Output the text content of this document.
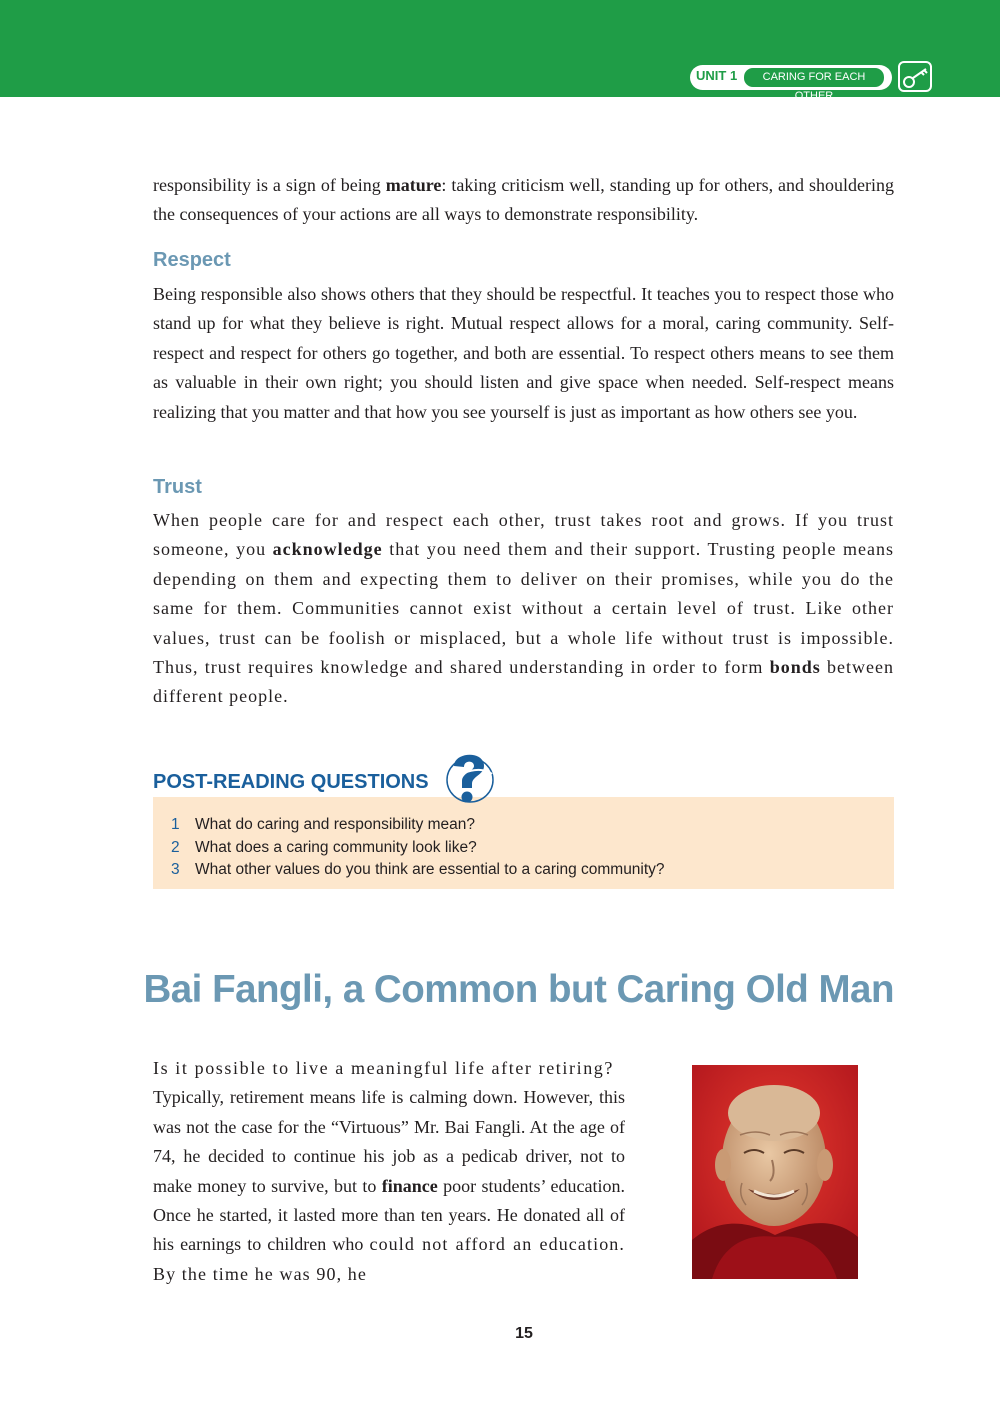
UNIT 1	CARING FOR EACH OTHER

responsibility is a sign of being mature: taking criticism well, standing up for others, and shouldering the consequences of your actions are all ways to demonstrate responsibility.

Respect

Being responsible also shows others that they should be respectful. It teaches you to respect those who stand up for what they believe is right. Mutual respect allows for a moral, caring community. Self-respect and respect for others go together, and both are essential. To respect others means to see them as valuable in their own right; you should listen and give space when needed. Self-respect means realizing that you matter and that how you see yourself is just as important as how others see you.

Trust

When people care for and respect each other, trust takes root and grows. If you trust someone, you acknowledge that you need them and their support. Trusting people means depending on them and expecting them to deliver on their promises, while you do the same for them. Communities cannot exist without a certain level of trust. Like other values, trust can be foolish or misplaced, but a whole life without trust is impossible. Thus, trust requires knowledge and shared understanding in order to form bonds between different people.

POST-READING QUESTIONS
1 What do caring and responsibility mean?
2 What does a caring community look like?
3 What other values do you think are essential to a caring community?
Bai Fangli, a Common but Caring Old Man
Is it possible to live a meaningful life after retiring?
Typically, retirement means life is calming down. However, this was not the case for the “Virtuous” Mr. Bai Fangli. At the age of 74, he decided to continue his job as a pedicab driver, not to make money to survive, but to finance poor students’ education. Once he started, it lasted more than ten years. He donated all of his earnings to children who could not afford an education. By the time he was 90, he
15
